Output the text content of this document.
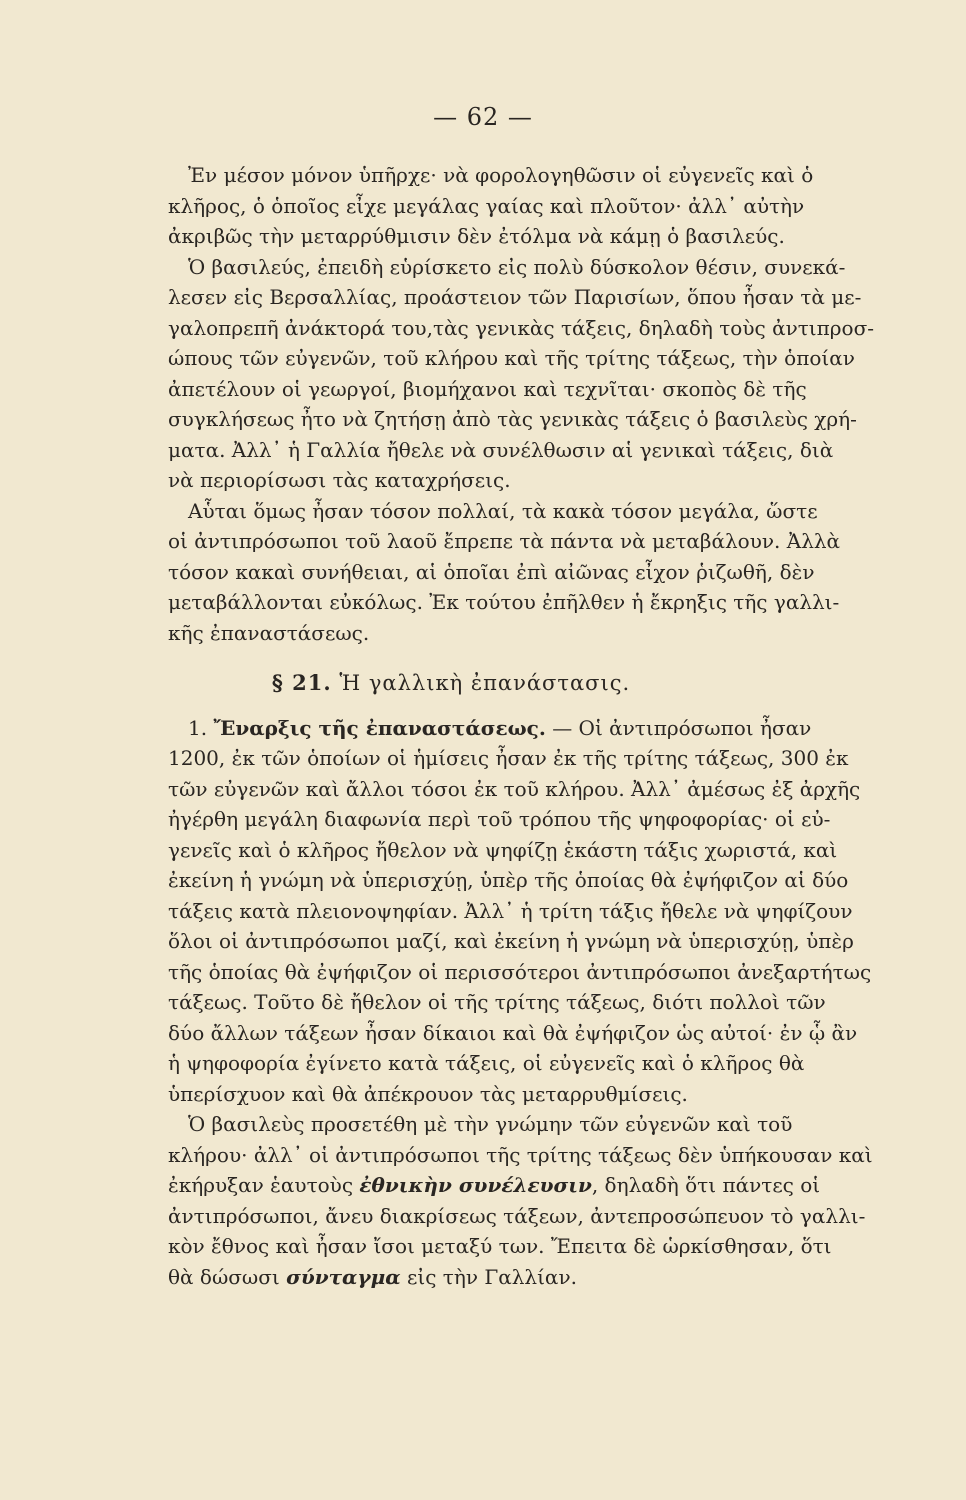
— 62 —
Ἐν μέσον μόνον ὑπῆρχε· νὰ φορολογηθῶσιν οἱ εὐγενεῖς καὶ ὁ
κλῆρος, ὁ ὁποῖος εἶχε μεγάλας γαίας καὶ πλοῦτον· ἀλλ᾽ αὐτὴν
ἀκριβῶς τὴν μεταρρύθμισιν δὲν ἐτόλμα νὰ κάμῃ ὁ βασιλεύς.
Ὁ βασιλεύς, ἐπειδὴ εὑρίσκετο εἰς πολὺ δύσκολον θέσιν, συνεκά-
λεσεν εἰς Βερσαλλίας, προάστειον τῶν Παρισίων, ὅπου ἦσαν τὰ με-
γαλοπρεπῆ ἀνάκτορά του,τὰς γενικὰς τάξεις, δηλαδὴ τοὺς ἀντιπροσ-
ώπους τῶν εὐγενῶν, τοῦ κλήρου καὶ τῆς τρίτης τάξεως, τὴν ὁποίαν
ἀπετέλουν οἱ γεωργοί, βιομήχανοι καὶ τεχνῖται· σκοπὸς δὲ τῆς
συγκλήσεως ἦτο νὰ ζητήσῃ ἀπὸ τὰς γενικὰς τάξεις ὁ βασιλεὺς χρή-
ματα. Ἀλλ᾽ ἡ Γαλλία ἤθελε νὰ συνέλθωσιν αἱ γενικαὶ τάξεις, διὰ
νὰ περιορίσωσι τὰς καταχρήσεις.
Αὗται ὅμως ἦσαν τόσον πολλαί, τὰ κακὰ τόσον μεγάλα, ὥστε
οἱ ἀντιπρόσωποι τοῦ λαοῦ ἔπρεπε τὰ πάντα νὰ μεταβάλουν. Ἀλλὰ
τόσον κακαὶ συνήθειαι, αἱ ὁποῖαι ἐπὶ αἰῶνας εἶχον ῥιζωθῆ, δὲν
μεταβάλλονται εὐκόλως. Ἐκ τούτου ἐπῆλθεν ἡ ἔκρηξις τῆς γαλλι-
κῆς ἐπαναστάσεως.
§ 21. Ἡ γαλλικὴ ἐπανάστασις.
1. Ἔναρξις τῆς ἐπαναστάσεως. — Οἱ ἀντιπρόσωποι ἦσαν
1200, ἐκ τῶν ὁποίων οἱ ἡμίσεις ἦσαν ἐκ τῆς τρίτης τάξεως, 300 ἐκ
τῶν εὐγενῶν καὶ ἄλλοι τόσοι ἐκ τοῦ κλήρου. Ἀλλ᾽ ἀμέσως ἐξ ἀρχῆς
ἠγέρθη μεγάλη διαφωνία περὶ τοῦ τρόπου τῆς ψηφοφορίας· οἱ εὐ-
γενεῖς καὶ ὁ κλῆρος ἤθελον νὰ ψηφίζῃ ἑκάστη τάξις χωριστά, καὶ
ἐκείνη ἡ γνώμη νὰ ὑπερισχύῃ, ὑπὲρ τῆς ὁποίας θὰ ἐψήφιζον αἱ δύο
τάξεις κατὰ πλειονοψηφίαν. Ἀλλ᾽ ἡ τρίτη τάξις ἤθελε νὰ ψηφίζουν
ὅλοι οἱ ἀντιπρόσωποι μαζί, καὶ ἐκείνη ἡ γνώμη νὰ ὑπερισχύῃ, ὑπὲρ
τῆς ὁποίας θὰ ἐψήφιζον οἱ περισσότεροι ἀντιπρόσωποι ἀνεξαρτήτως
τάξεως. Τοῦτο δὲ ἤθελον οἱ τῆς τρίτης τάξεως, διότι πολλοὶ τῶν
δύο ἄλλων τάξεων ἦσαν δίκαιοι καὶ θὰ ἐψήφιζον ὡς αὐτοί· ἐν ᾧ ἂν
ἡ ψηφοφορία ἐγίνετο κατὰ τάξεις, οἱ εὐγενεῖς καὶ ὁ κλῆρος θὰ
ὑπερίσχυον καὶ θὰ ἀπέκρουον τὰς μεταρρυθμίσεις.
Ὁ βασιλεὺς προσετέθη μὲ τὴν γνώμην τῶν εὐγενῶν καὶ τοῦ
κλήρου· ἀλλ᾽ οἱ ἀντιπρόσωποι τῆς τρίτης τάξεως δὲν ὑπήκουσαν καὶ
ἐκήρυξαν ἑαυτοὺς ἐθνικὴν συνέλευσιν, δηλαδὴ ὅτι πάντες οἱ
ἀντιπρόσωποι, ἄνευ διακρίσεως τάξεων, ἀντεπροσώπευον τὸ γαλλι-
κὸν ἔθνος καὶ ἦσαν ἴσοι μεταξύ των. Ἔπειτα δὲ ὡρκίσθησαν, ὅτι
θὰ δώσωσι σύνταγμα εἰς τὴν Γαλλίαν.
